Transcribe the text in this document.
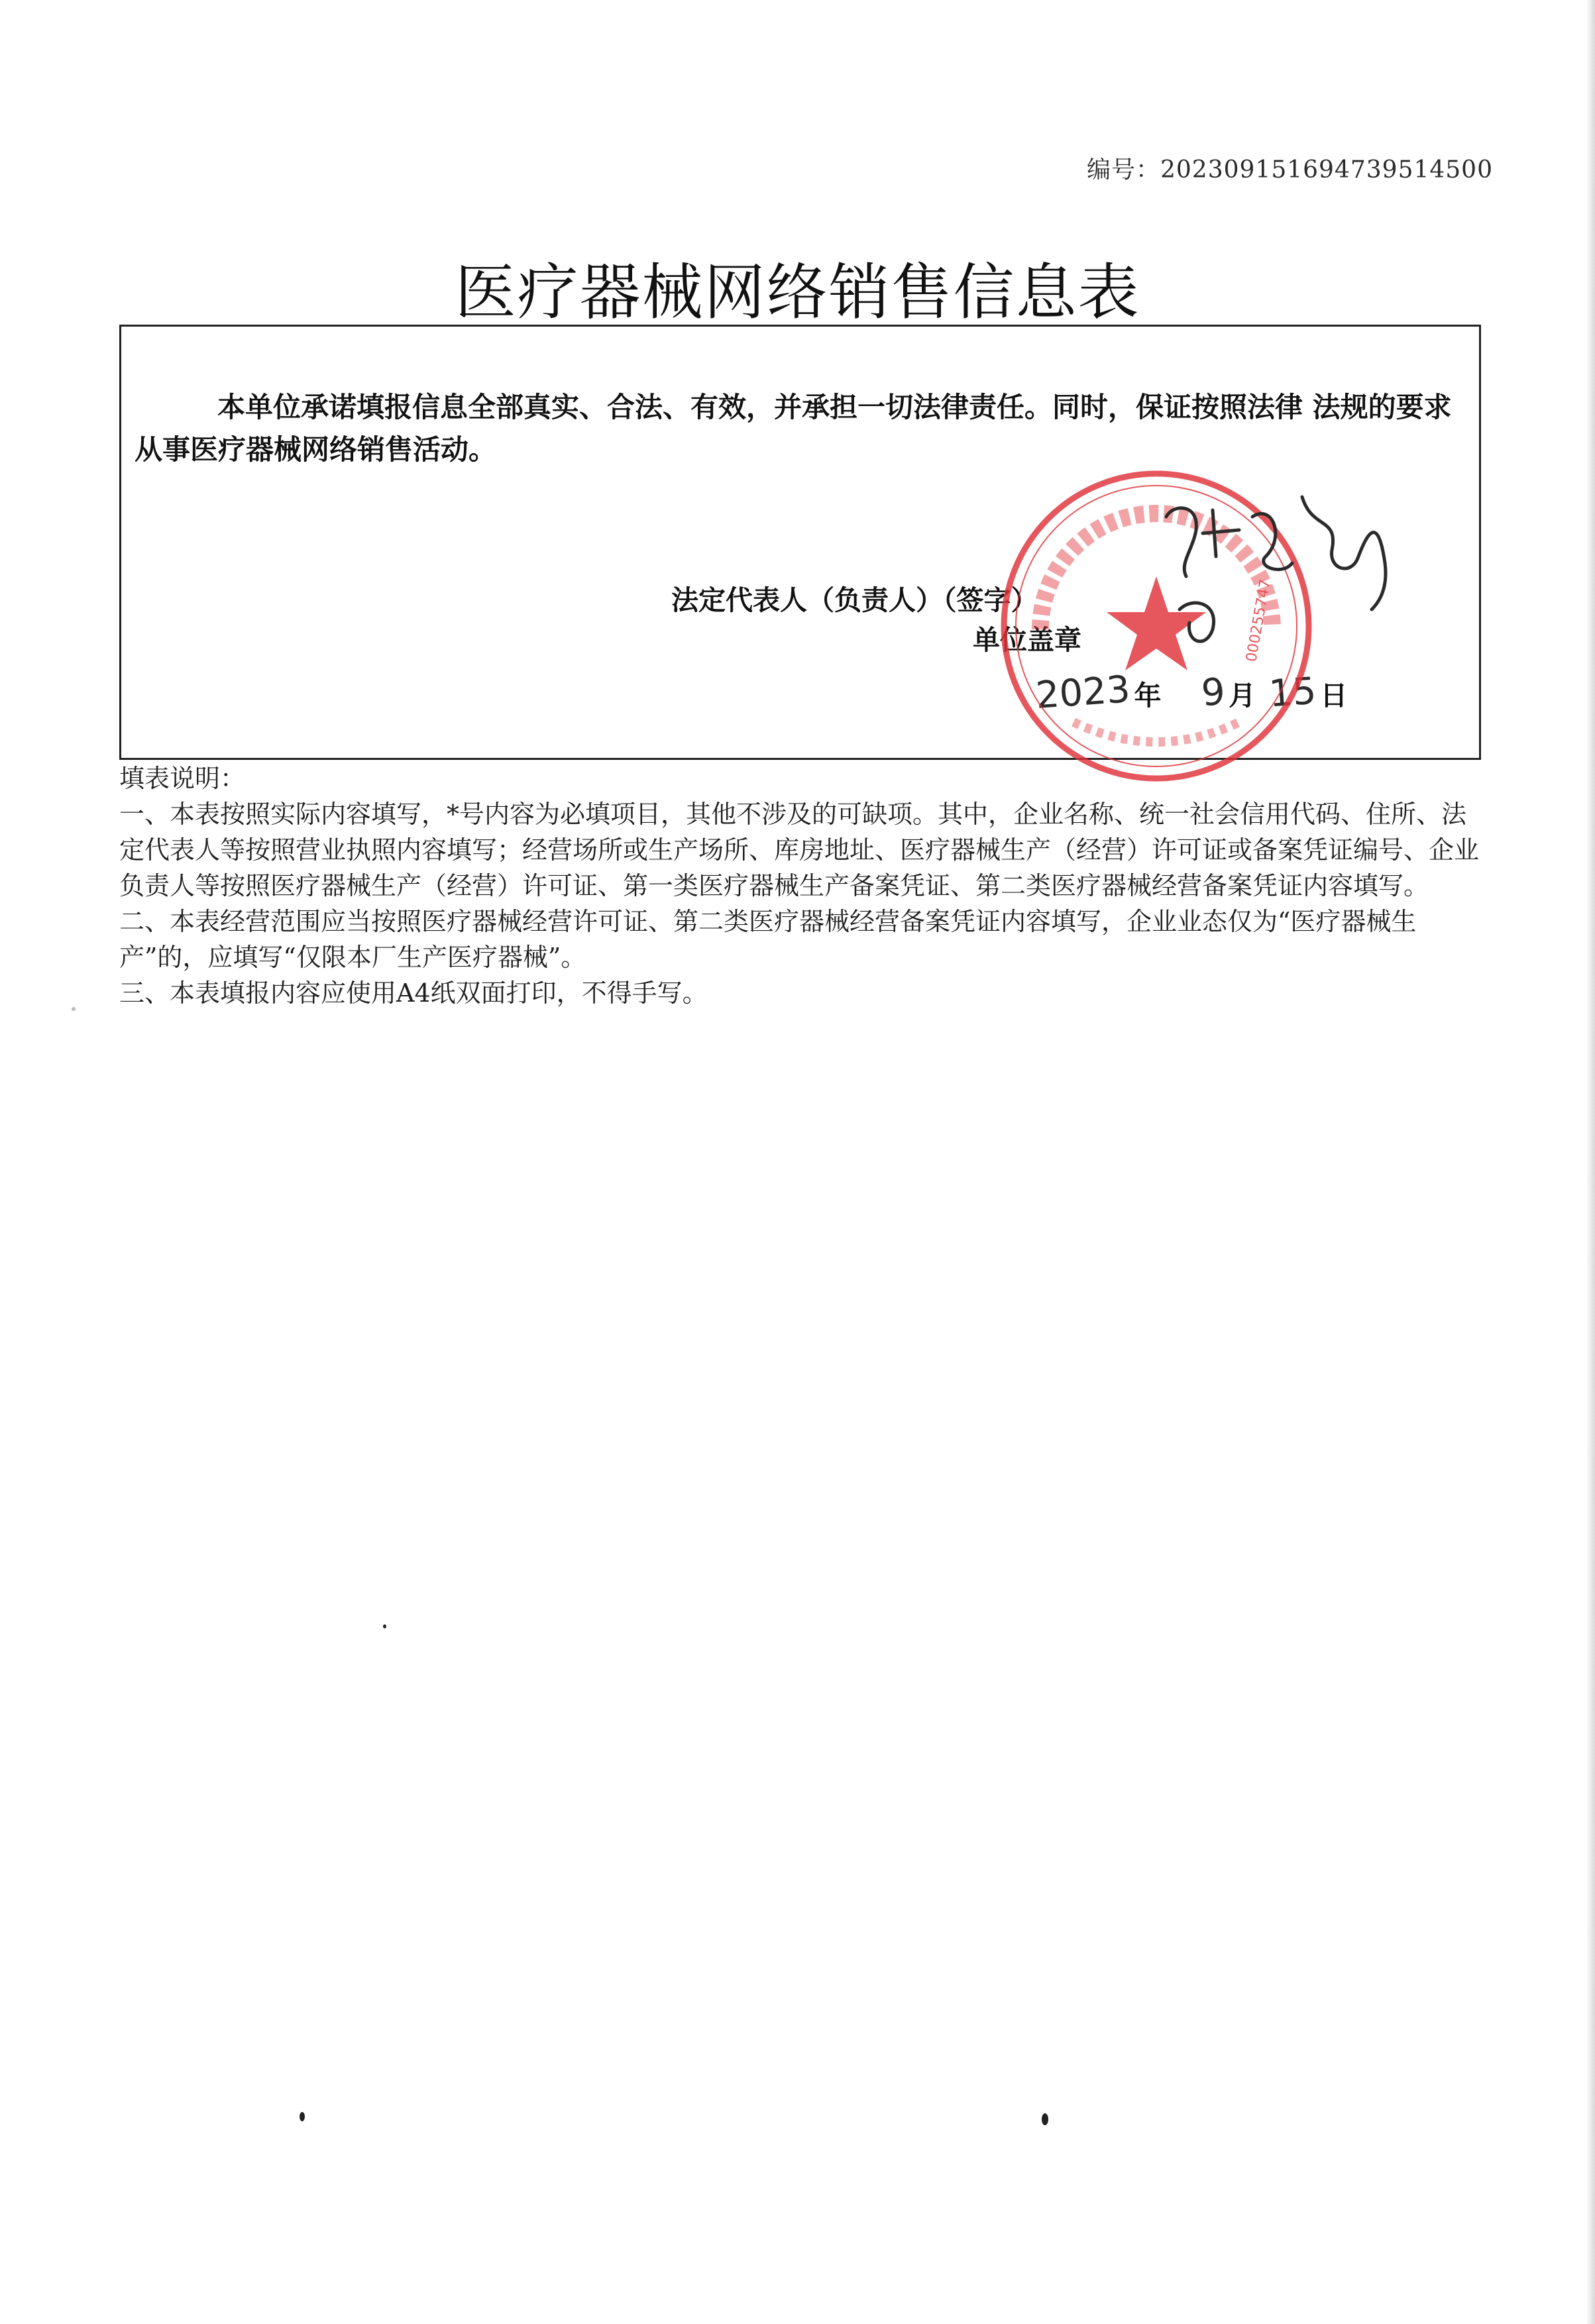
编号：20230915169473951450​0
医疗器械网络销售信息表
本单位承诺填报信息全部真实、合法、有效，并承担一切法律责任。同时，保证按照法律 法规的要求从事医疗器械网络销售活动。
法定代表人（负责人）（签字）
单位盖章
2023年 9月 15日
000255747

填表说明：

一、本表按照实际内容填写，*号内容为必填项目，其他不涉及的可缺项。其中，企业名称、统一社会信用代码、住所、法定代表人等按照营业执照内容填写；经营场所或生产场所、库房地址、医疗器械生产（经营）许可证或备案凭证编号、企业负责人等按照医疗器械生产（经营）许可证、第一类医疗器械生产备案凭证、第二类医疗器械经营备案凭证内容填写。

二、本表经营范围应当按照医疗器械经营许可证、第二类医疗器械经营备案凭证内容填写，企业业态仅为“医疗器械生产”的，应填写“仅限本厂生产医疗器械”。

三、本表填报内容应使用A4纸双面打印，不得手写。
